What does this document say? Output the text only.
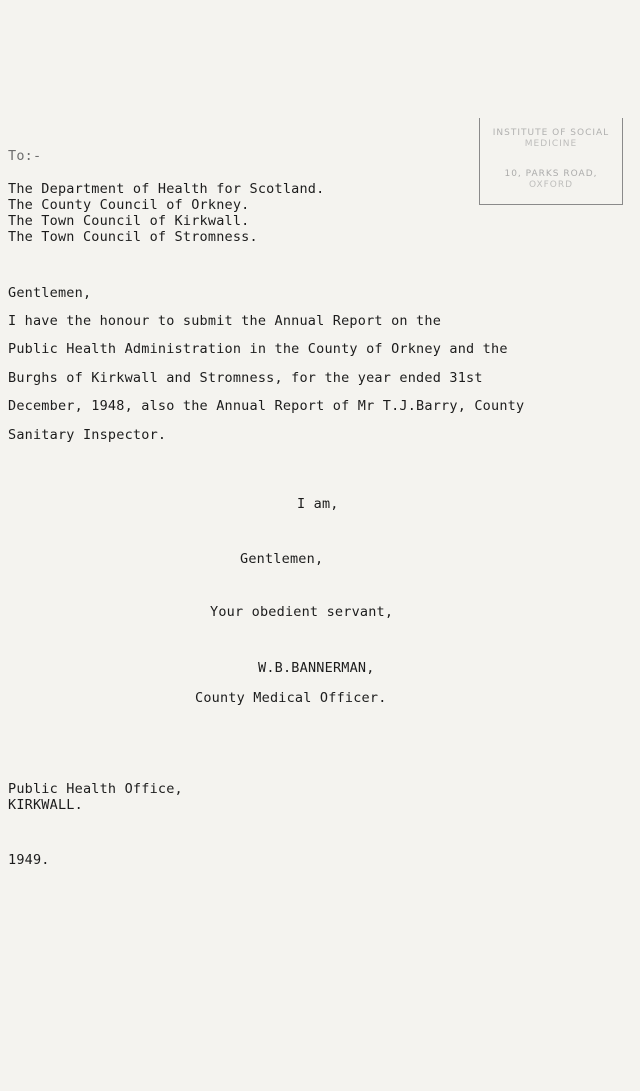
INSTITUTE OF SOCIAL
MEDICINE
10, PARKS ROAD,
OXFORD
To:-
The Department of Health for Scotland.
The County Council of Orkney.
The Town Council of Kirkwall.
The Town Council of Stromness.
Gentlemen,
I have the honour to submit the Annual Report on the
Public Health Administration in the County of Orkney and the
Burghs of Kirkwall and Stromness, for the year ended 31st
December, 1948, also the Annual Report of Mr T.J.Barry, County
Sanitary Inspector.
I am,
Gentlemen,
Your obedient servant,
W.B.BANNERMAN,
County Medical Officer.
Public Health Office,
KIRKWALL.
1949.
